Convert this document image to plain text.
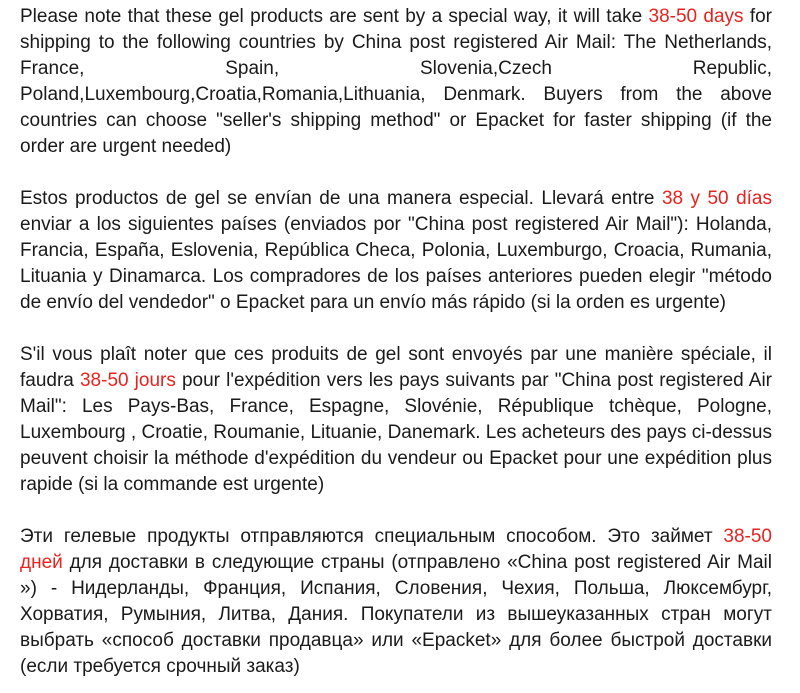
Please note that these gel products are sent by a special way, it will take 38-50 days for shipping to the following countries by China post registered Air Mail: The Netherlands, France, Spain, Slovenia,Czech Republic, Poland,Luxembourg,Croatia,Romania,Lithuania, Denmark. Buyers from the above countries can choose "seller's shipping method" or Epacket for faster shipping (if the order are urgent needed)

Estos productos de gel se envían de una manera especial. Llevará entre 38 y 50 días enviar a los siguientes países (enviados por "China post registered Air Mail"): Holanda, Francia, España, Eslovenia, República Checa, Polonia, Luxemburgo, Croacia, Rumania, Lituania y Dinamarca. Los compradores de los países anteriores pueden elegir "método de envío del vendedor" o Epacket para un envío más rápido (si la orden es urgente)

S'il vous plaît noter que ces produits de gel sont envoyés par une manière spéciale, il faudra 38-50 jours pour l'expédition vers les pays suivants par "China post registered Air Mail": Les Pays-Bas, France, Espagne, Slovénie, République tchèque, Pologne, Luxembourg , Croatie, Roumanie, Lituanie, Danemark. Les acheteurs des pays ci-dessus peuvent choisir la méthode d'expédition du vendeur ou Epacket pour une expédition plus rapide (si la commande est urgente)

Эти гелевые продукты отправляются специальным способом. Это займет 38-50 дней для доставки в следующие страны (отправлено «China post registered Air Mail ») - Нидерланды, Франция, Испания, Словения, Чехия, Польша, Люксембург, Хорватия, Румыния, Литва, Дания. Покупатели из вышеуказанных стран могут выбрать «способ доставки продавца» или «Epacket» для более быстрой доставки (если требуется срочный заказ)
